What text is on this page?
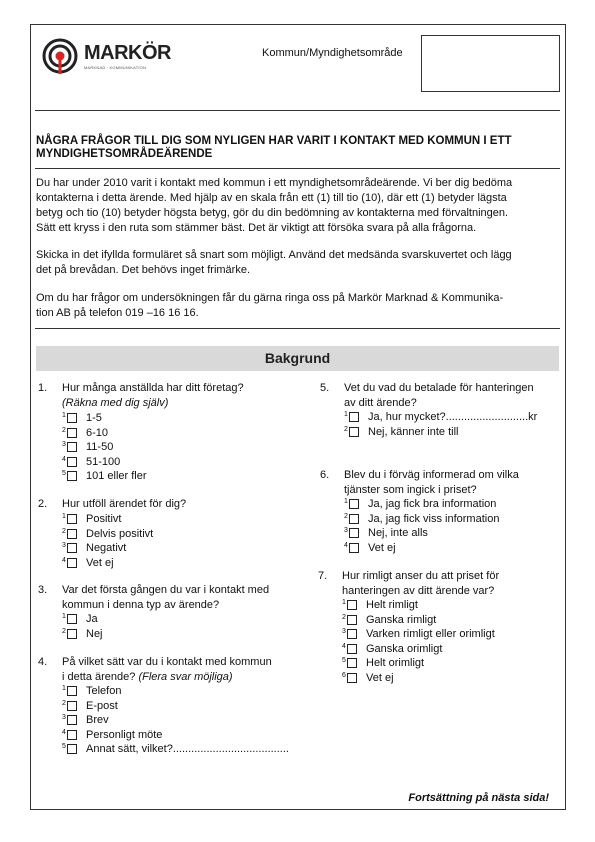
MARKÖR
MARKNAD · KOMMUNIKATION
Kommun/Myndighetsområde
NÅGRA FRÅGOR TILL DIG SOM NYLIGEN HAR VARIT I KONTAKT MED KOMMUN I ETT MYNDIGHETSOMRÅDEÄRENDE
Du har under 2010 varit i kontakt med kommun i ett myndighetsområdeärende. Vi ber dig bedöma
kontakterna i detta ärende. Med hjälp av en skala från ett (1) till tio (10), där ett (1) betyder lägsta
betyg och tio (10) betyder högsta betyg, gör du din bedömning av kontakterna med förvaltningen.
Sätt ett kryss i den ruta som stämmer bäst. Det är viktigt att försöka svara på alla frågorna.
Skicka in det ifyllda formuläret så snart som möjligt. Använd det medsända svarskuvertet och lägg
det på brevådan. Det behövs inget frimärke.
Om du har frågor om undersökningen får du gärna ringa oss på Markör Marknad & Kommunika-
tion AB på telefon 019 –16 16 16.
Bakgrund
1. Hur många anställda har ditt företag?
(Räkna med dig själv)
1 1-5
2 6-10
3 11-50
4 51-100
5 101 eller fler
2. Hur utföll ärendet för dig?
1 Positivt
2 Delvis positivt
3 Negativt
4 Vet ej
3. Var det första gången du var i kontakt med
kommun i denna typ av ärende?
1 Ja
2 Nej
4. På vilket sätt var du i kontakt med kommun
i detta ärende? (Flera svar möjliga)
1 Telefon
2 E-post
3 Brev
4 Personligt möte
5 Annat sätt, vilket?......................................
5. Vet du vad du betalade för hanteringen
av ditt ärende?
1 Ja, hur mycket?...........................kr
2 Nej, känner inte till
6. Blev du i förväg informerad om vilka
tjänster som ingick i priset?
1 Ja, jag fick bra information
2 Ja, jag fick viss information
3 Nej, inte alls
4 Vet ej
7. Hur rimligt anser du att priset för
hanteringen av ditt ärende var?
1 Helt rimligt
2 Ganska rimligt
3 Varken rimligt eller orimligt
4 Ganska orimligt
5 Helt orimligt
6 Vet ej
Fortsättning på nästa sida!
